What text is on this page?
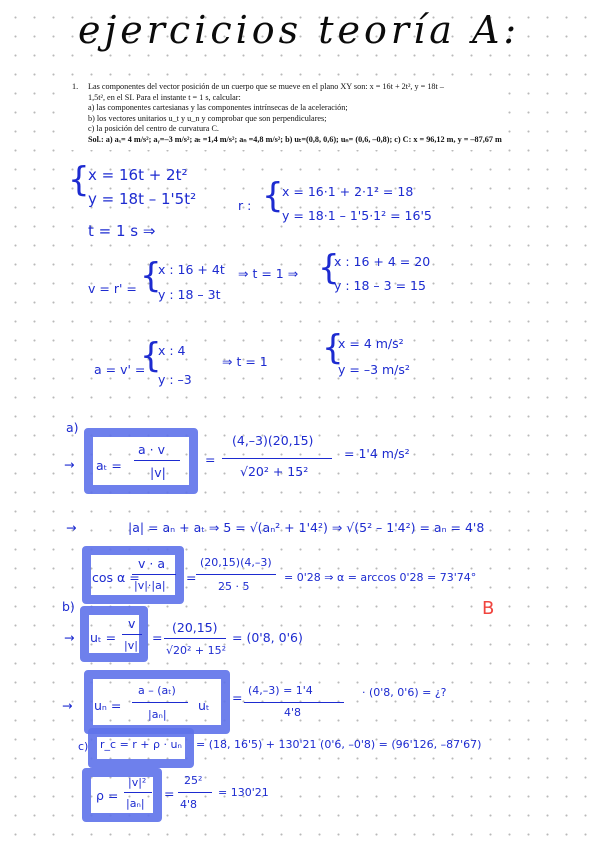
ejercicios teoría A:
1. Las componentes del vector posición de un cuerpo que se mueve en el plano XY son: x = 16t + 2t², y = 18t –
1,5t², en el SI. Para el instante t = 1 s, calcular:
a) las componentes cartesianas y las componentes intrínsecas de la aceleración;
b) los vectores unitarios u_t y u_n y comprobar que son perpendiculares;
c) la posición del centro de curvatura C.
Sol.: a) aₓ= 4 m/s²; aᵧ=–3 m/s²; aₜ =1,4 m/s²; aₙ =4,8 m/s²; b) uₜ=(0,8, 0,6); uₙ= (0,6, –0,8); c) C: x = 96,12 m, y = –87,67 m
{
x = 16t + 2t²
y = 18t – 1'5t²	r : {
x = 16·1 + 2·1² = 18
y = 18·1 – 1'5·1² = 16'5
t = 1 s ⇒
v = r' = {
x : 16 + 4t
y : 18 – 3t
⇒ t = 1 ⇒ {
x : 16 + 4 = 20
y : 18 – 3 = 15
a = v' =
{
x : 4
y : –3
⇒ t = 1 {
x = 4 m/s²
y = –3 m/s²
a)
→ aₜ =
a · v
|v|
=
(4,–3)(20,15)
√20² + 15²
= 1'4 m/s²
→	|a| = aₙ + aₜ ⇒ 5 = √(aₙ² + 1'4²) ⇒ √(5² – 1'4²) = aₙ = 4'8
cos α =
v · a
|v|·|a|
=
(20,15)(4,–3)
25 · 5
= 0'28 ⇒ α = arccos 0'28 = 73'74°
B
b)
→ uₜ =
v
|v|
=
(20,15)
√20² + 15²
= (0'8, 0'6)
→ uₙ =
a – (aₜ)
|aₙ|
uₜ
= (4,–3) = 1'4
4'8
· (0'8, 0'6) = ¿?
c) r_c = r + ρ · uₙ = (18, 16'5) + 130'21 (0'6, –0'8) = (96'126, –87'67)
ρ =
|v|²
|aₙ|
=
25²
4'8
= 130'21
